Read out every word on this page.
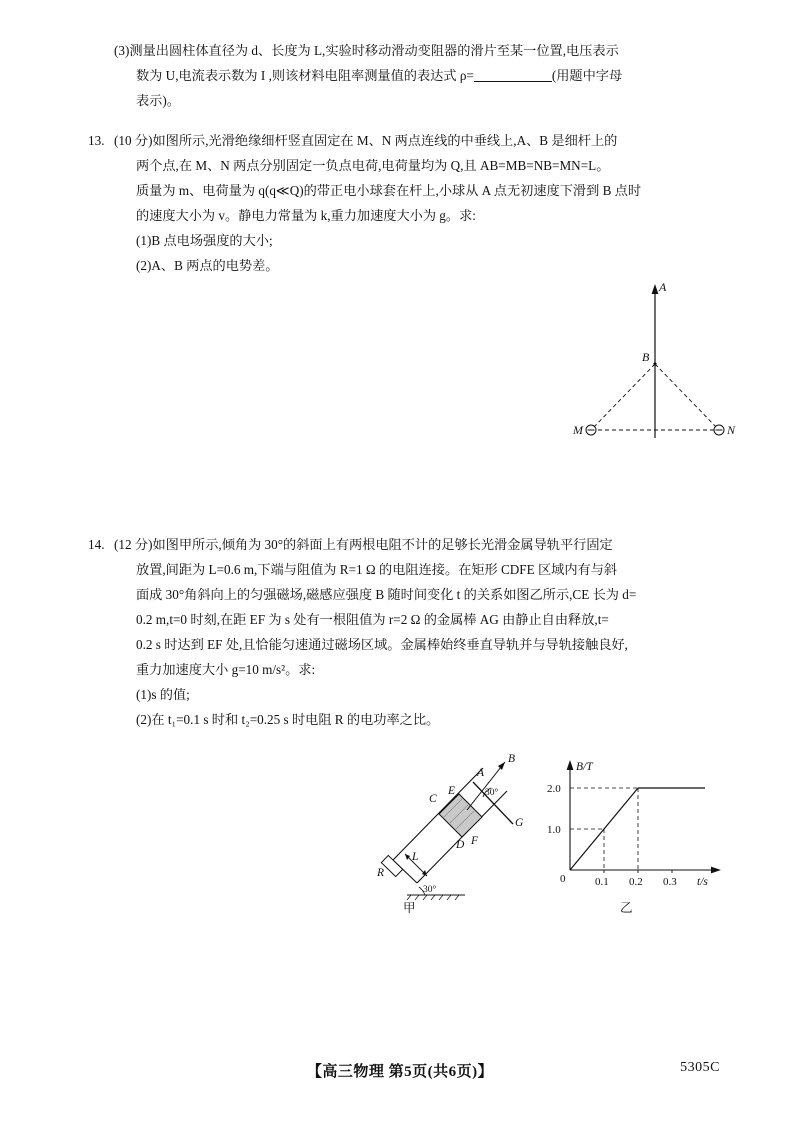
(3)测量出圆柱体直径为 d、长度为 L,实验时移动滑动变阻器的滑片至某一位置,电压表示
数为 U,电流表示数为 I ,则该材料电阻率测量值的表达式 ρ=	(用题中字母
表示)。
13. (10 分)如图所示,光滑绝缘细杆竖直固定在 M、N 两点连线的中垂线上,A、B 是细杆上的
两个点,在 M、N 两点分别固定一负点电荷,电荷量均为 Q,且 AB=MB=NB=MN=L。
质量为 m、电荷量为 q(q≪Q)的带正电小球套在杆上,小球从 A 点无初速度下滑到 B 点时
的速度大小为 v。静电力常量为 k,重力加速度大小为 g。求:
(1)B 点电场强度的大小;
(2)A、B 两点的电势差。
A
B
M	N
14. (12 分)如图甲所示,倾角为 30°的斜面上有两根电阻不计的足够长光滑金属导轨平行固定
放置,间距为 L=0.6 m,下端与阻值为 R=1 Ω 的电阻连接。在矩形 CDFE 区域内有与斜
面成 30°角斜向上的匀强磁场,磁感应强度 B 随时间变化 t 的关系如图乙所示,CE 长为 d=
0.2 m,t=0 时刻,在距 EF 为 s 处有一根阻值为 r=2 Ω 的金属棒 AG 由静止自由释放,t=
0.2 s 时达到 EF 处,且恰能匀速通过磁场区域。金属棒始终垂直导轨并与导轨接触良好,
重力加速度大小 g=10 m/s²。求:
(1)s 的值;
(2)在 t₁=0.1 s 时和 t₂=0.25 s 时电阻 R 的电功率之比。
A
B
C
E
G
L
R
D F
30°
30°
B/T
t/s
2.0
1.0
0	0.1 0.2 0.3
甲	乙
【高三物理 第5页(共6页)】	5305C
